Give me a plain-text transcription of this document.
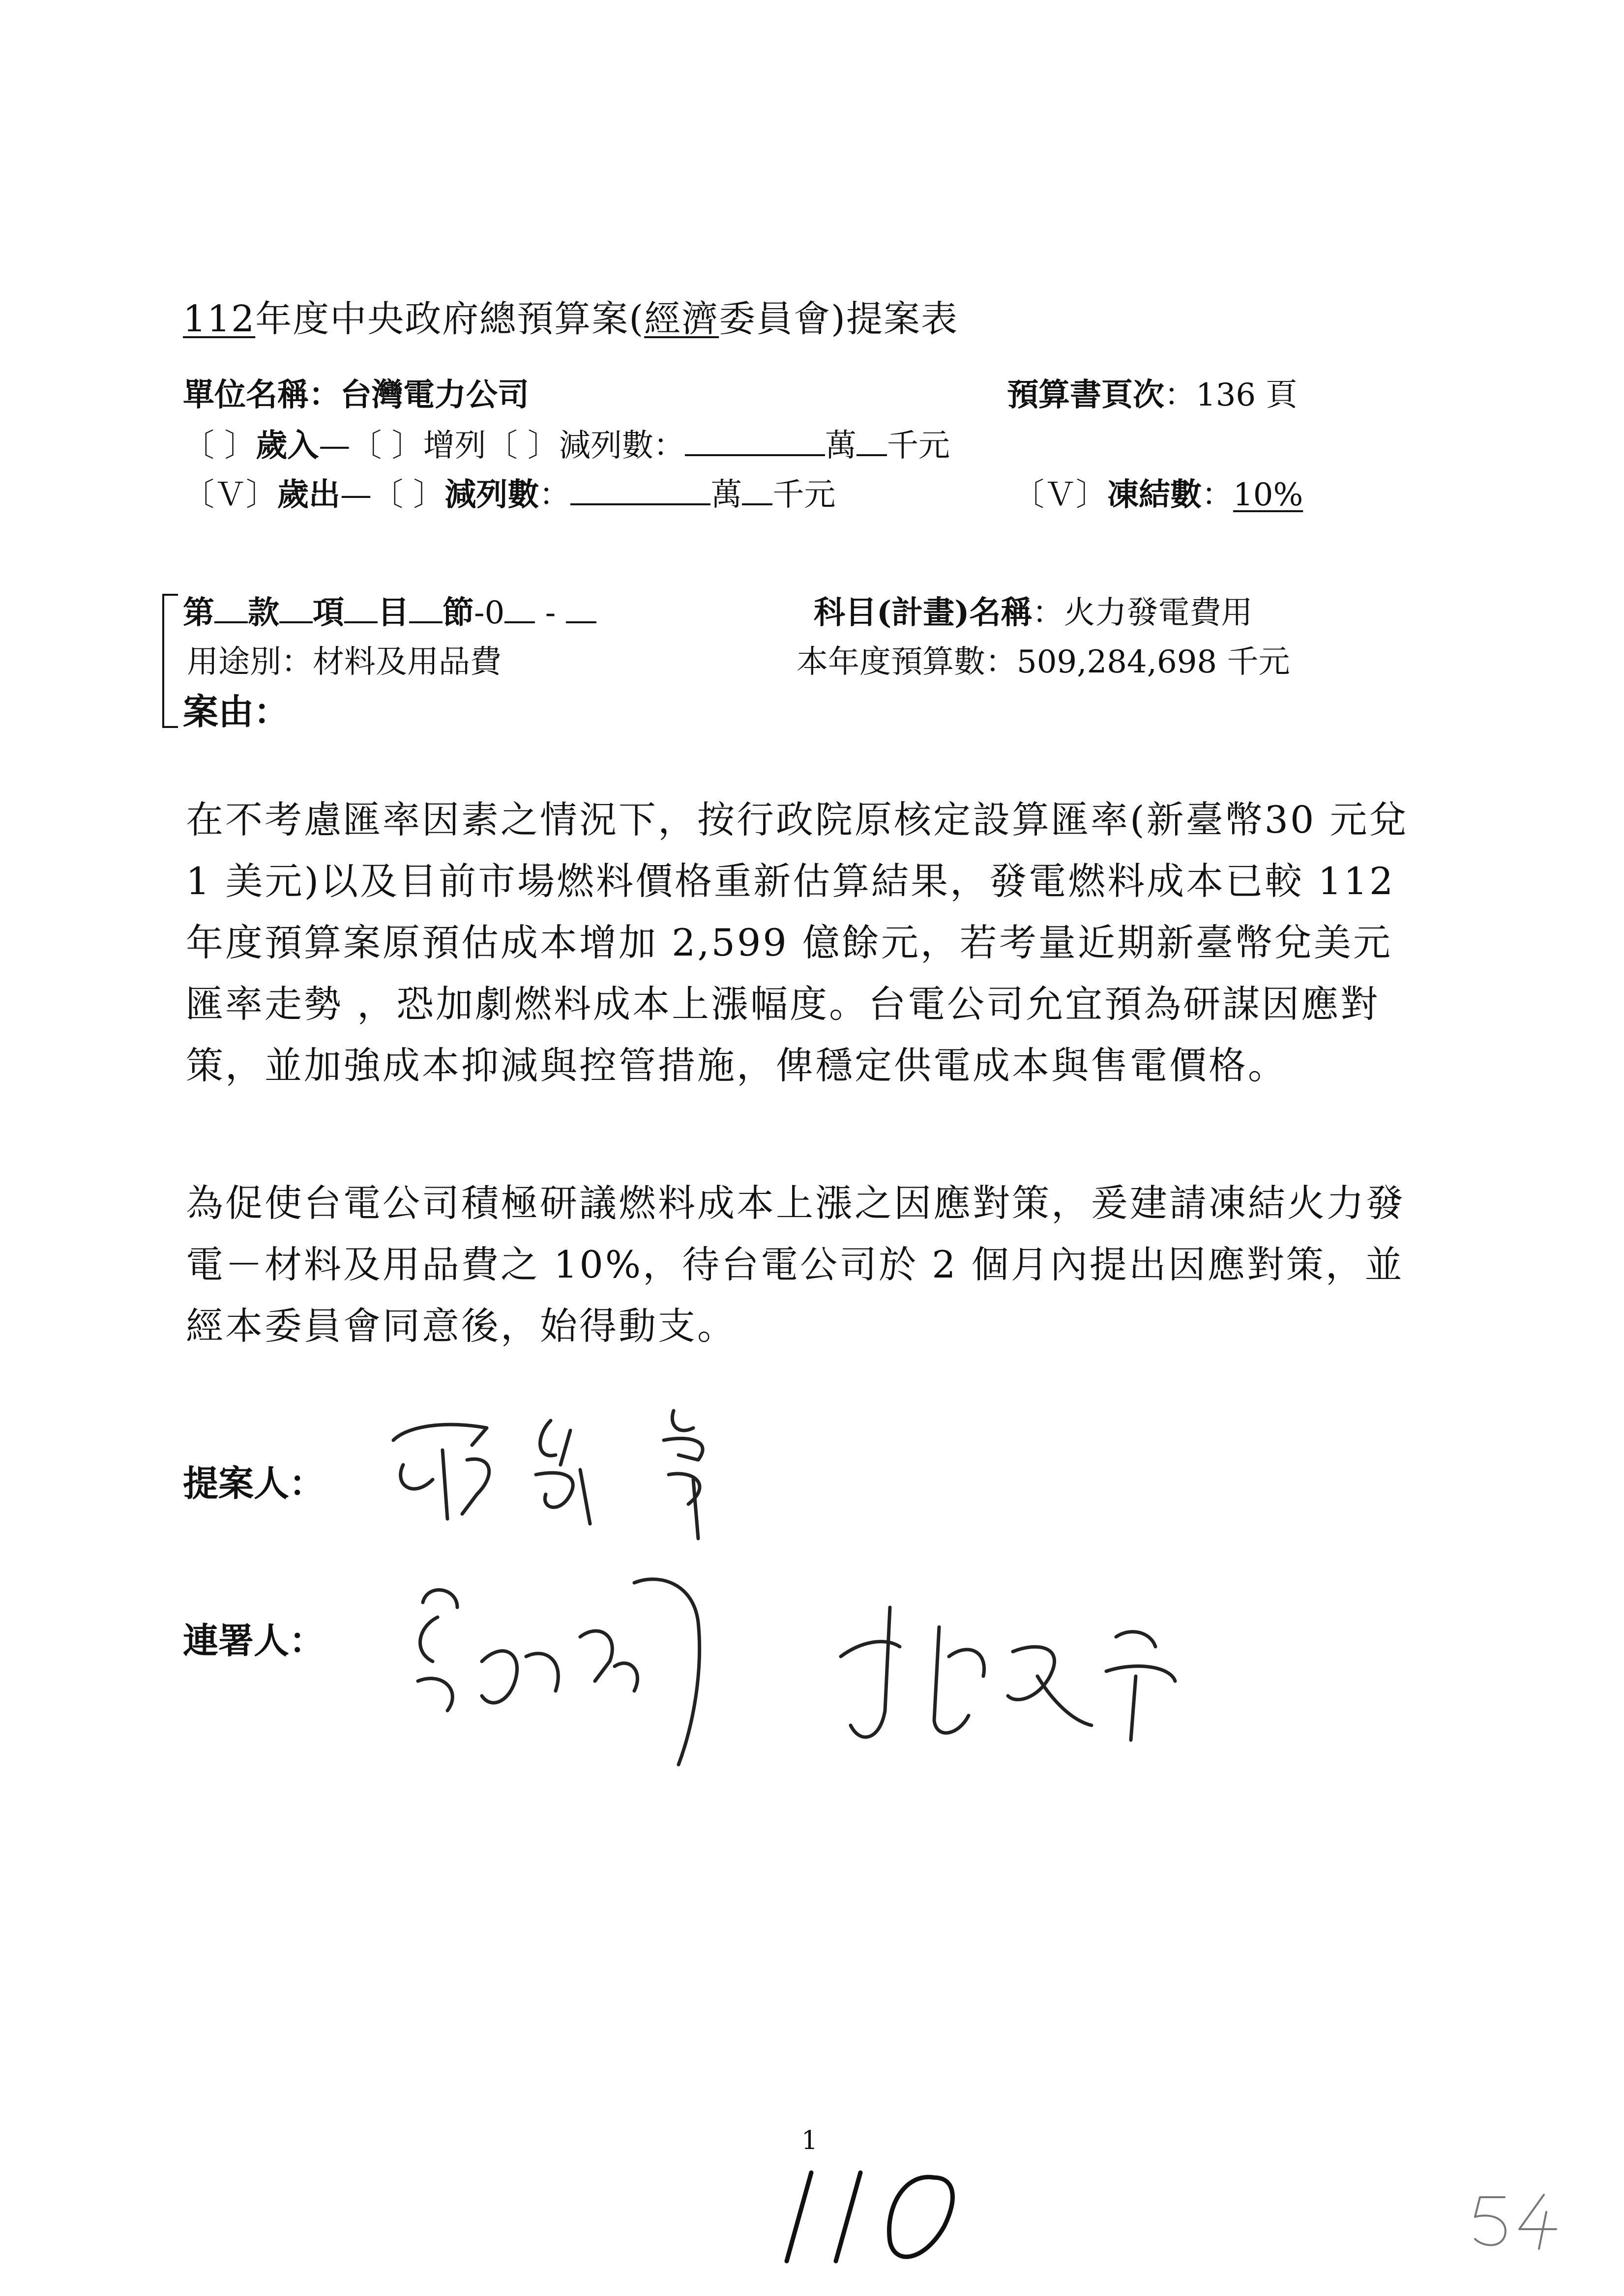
112年度中央政府總預算案(經濟委員會)提案表
單位名稱：台灣電力公司	預算書頁次：136 頁
〔 〕歲入—〔 〕增列〔 〕減列數：	萬 千元
〔Ｖ〕歲出—〔 〕減列數：	萬 千元	〔Ｖ〕凍結數：10%
第 款 項 目 節-0 -	科目(計畫)名稱：火力發電費用
用途別：材料及用品費	本年度預算數：509,284,698 千元
案由：
在不考慮匯率因素之情況下，按行政院原核定設算匯率(新臺幣30 元兌 1 美元)以及目前市場燃料價格重新估算結果，發電燃料成本已較 112 年度預算案原預估成本增加 2,599 億餘元，若考量近期新臺幣兌美元匯率走勢 ，恐加劇燃料成本上漲幅度。台電公司允宜預為研謀因應對策，並加強成本抑減與控管措施，俾穩定供電成本與售電價格。
為促使台電公司積極研議燃料成本上漲之因應對策，爰建請凍結火力發電－材料及用品費之 10%，待台電公司於 2 個月內提出因應對策，並經本委員會同意後，始得動支。
提案人：
連署人：
1
